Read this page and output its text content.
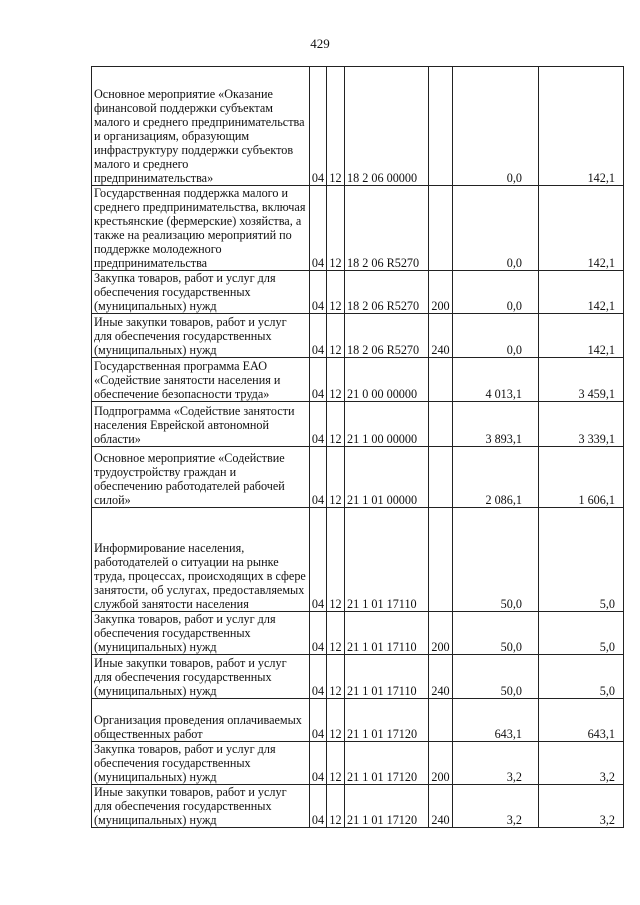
429
Основное мероприятие «Оказание финансовой поддержки субъектам малого и среднего предпринимательства и организациям, образующим инфраструктуру поддержки субъектов малого и среднего предпринимательства»	04	12	18 2 06 00000		0,0	142,1
Государственная поддержка малого и среднего предпринимательства, включая крестьянские (фермерские) хозяйства, а также на реализацию мероприятий по поддержке молодежного предпринимательства	04	12	18 2 06 R5270		0,0	142,1
Закупка товаров, работ и услуг для обеспечения государственных (муниципальных) нужд	04	12	18 2 06 R5270	200	0,0	142,1
Иные закупки товаров, работ и услуг для обеспечения государственных (муниципальных) нужд	04	12	18 2 06 R5270	240	0,0	142,1
Государственная программа ЕАО «Содействие занятости населения и обеспечение безопасности труда»	04	12	21 0 00 00000		4 013,1	3 459,1
Подпрограмма «Содействие занятости населения Еврейской автономной области»	04	12	21 1 00 00000		3 893,1	3 339,1
Основное мероприятие «Содействие трудоустройству граждан и обеспечению работодателей рабочей силой»	04	12	21 1 01 00000		2 086,1	1 606,1
Информирование населения, работодателей о ситуации на рынке труда, процессах, происходящих в сфере занятости, об услугах, предоставляемых службой занятости населения	04	12	21 1 01 17110		50,0	5,0
Закупка товаров, работ и услуг для обеспечения государственных (муниципальных) нужд	04	12	21 1 01 17110	200	50,0	5,0
Иные закупки товаров, работ и услуг для обеспечения государственных (муниципальных) нужд	04	12	21 1 01 17110	240	50,0	5,0
Организация проведения оплачиваемых общественных работ	04	12	21 1 01 17120		643,1	643,1
Закупка товаров, работ и услуг для обеспечения государственных (муниципальных) нужд	04	12	21 1 01 17120	200	3,2	3,2
Иные закупки товаров, работ и услуг для обеспечения государственных (муниципальных) нужд	04	12	21 1 01 17120	240	3,2	3,2
